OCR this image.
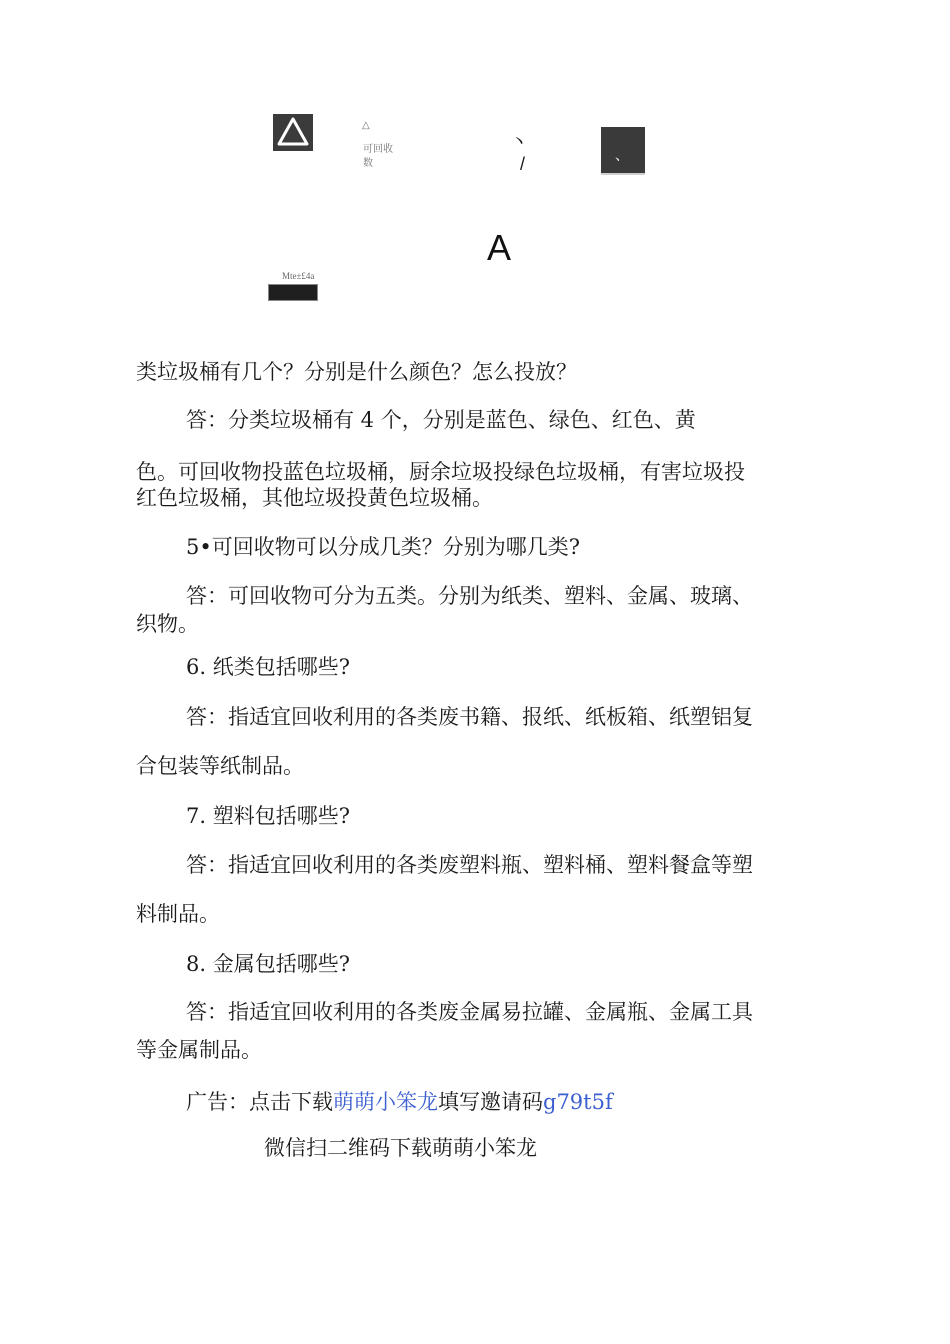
△
可回收
数
丶
/	、
A
Mte±£4a
类垃圾桶有几个？分别是什么颜色？怎么投放？
答：分类垃圾桶有 4 个，分别是蓝色、绿色、红色、黄
色。可回收物投蓝色垃圾桶，厨余垃圾投绿色垃圾桶，有害垃圾投
红色垃圾桶，其他垃圾投黄色垃圾桶。
5•可回收物可以分成几类？分别为哪几类?
答：可回收物可分为五类。分别为纸类、塑料、金属、玻璃、
织物。
6. 纸类包括哪些?
答：指适宜回收利用的各类废书籍、报纸、纸板箱、纸塑铝复
合包装等纸制品。
7. 塑料包括哪些?
答：指适宜回收利用的各类废塑料瓶、塑料桶、塑料餐盒等塑
料制品。
8. 金属包括哪些?
答：指适宜回收利用的各类废金属易拉罐、金属瓶、金属工具
等金属制品。
广告：点击下载萌萌小笨龙填写邀请码g79t5f
微信扫二维码下载萌萌小笨龙
